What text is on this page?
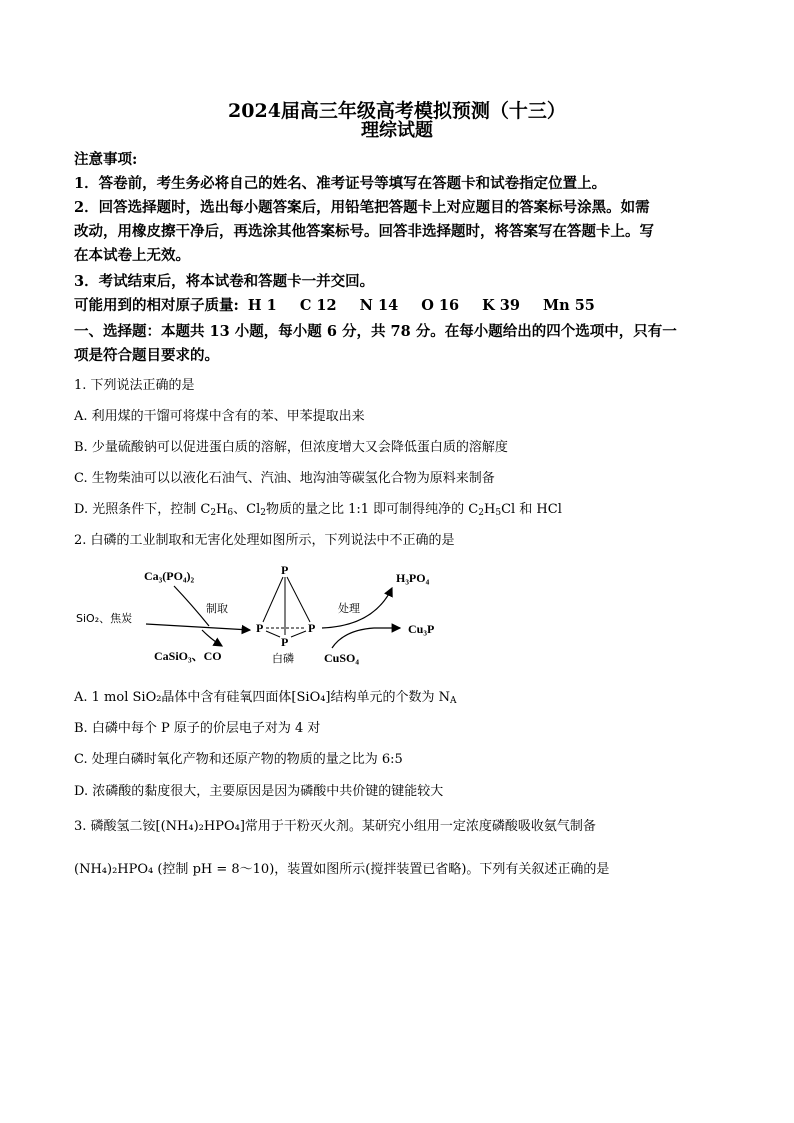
2024届高三年级高考模拟预测（十三）
理综试题
注意事项:
1．答卷前，考生务必将自己的姓名、准考证号等填写在答题卡和试卷指定位置上。
2．回答选择题时，选出每小题答案后，用铅笔把答题卡上对应题目的答案标号涂黑。如需
改动，用橡皮擦干净后，再选涂其他答案标号。回答非选择题时，将答案写在答题卡上。写
在本试卷上无效。
3．考试结束后，将本试卷和答题卡一并交回。
可能用到的相对原子质量: H 1 C 12 N 14 O 16 K 39 Mn 55
一、选择题：本题共 13 小题，每小题 6 分，共 78 分。在每小题给出的四个选项中，只有一
项是符合题目要求的。
1. 下列说法正确的是
A. 利用煤的干馏可将煤中含有的苯、甲苯提取出来
B. 少量硫酸钠可以促进蛋白质的溶解，但浓度增大又会降低蛋白质的溶解度
C. 生物柴油可以以液化石油气、汽油、地沟油等碳氢化合物为原料来制备
D. 光照条件下，控制 $C_2H_6$、$Cl_2$物质的量之比 1:1 即可制得纯净的 $C_2H_5Cl$ 和 HCl
2. 白磷的工业制取和无害化处理如图所示，下列说法中不正确的是
Ca₃(PO₄)₂
SiO₂、焦炭
制取
CaSiO₃、CO
P
P	P
P
白磷
处理
H₃PO₄
Cu₃P
CuSO₄
A. 1 mol SiO₂晶体中含有硅氧四面体[SiO₄]结构单元的个数为 $N_A$
B. 白磷中每个 P 原子的价层电子对为 4 对
C. 处理白磷时氧化产物和还原产物的物质的量之比为 6:5
D. 浓磷酸的黏度很大，主要原因是因为磷酸中共价键的键能较大
3. 磷酸氢二铵[(NH₄)₂HPO₄]常用于干粉灭火剂。某研究小组用一定浓度磷酸吸收氨气制备
(NH₄)₂HPO₄ (控制 pH = 8～10)，装置如图所示(搅拌装置已省略)。下列有关叙述正确的是
